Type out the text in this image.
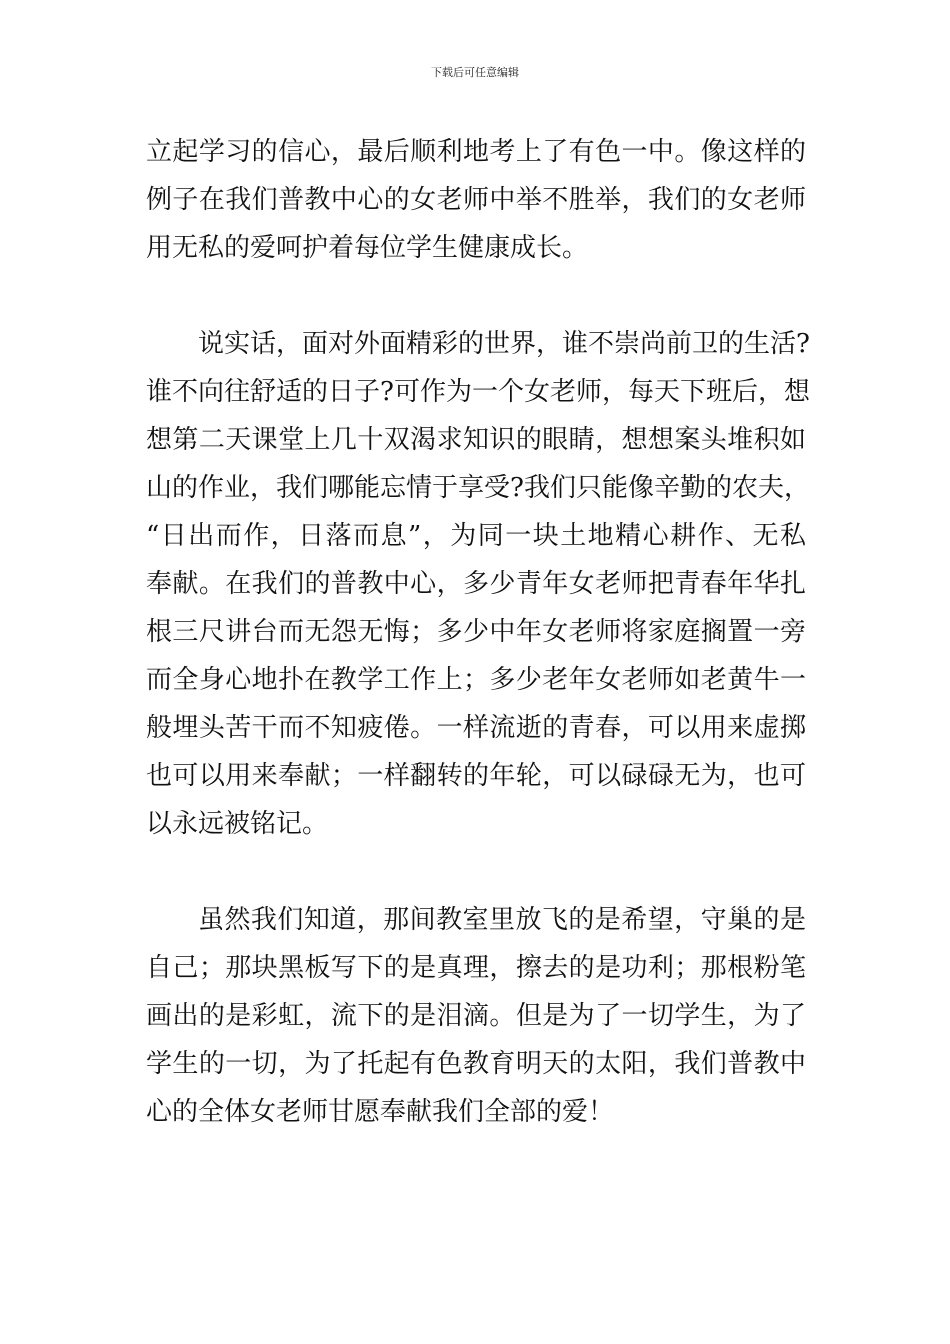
下载后可任意编辑
立起学习的信心，最后顺利地考上了有色一中。像这样的
例子在我们普教中心的女老师中举不胜举，我们的女老师
用无私的爱呵护着每位学生健康成长。
说实话，面对外面精彩的世界，谁不崇尚前卫的生活?
谁不向往舒适的日子?可作为一个女老师，每天下班后，想
想第二天课堂上几十双渴求知识的眼睛，想想案头堆积如
山的作业，我们哪能忘情于享受?我们只能像辛勤的农夫，
“日出而作，日落而息”，为同一块土地精心耕作、无私
奉献。在我们的普教中心，多少青年女老师把青春年华扎
根三尺讲台而无怨无悔；多少中年女老师将家庭搁置一旁
而全身心地扑在教学工作上；多少老年女老师如老黄牛一
般埋头苦干而不知疲倦。一样流逝的青春，可以用来虚掷
也可以用来奉献；一样翻转的年轮，可以碌碌无为，也可
以永远被铭记。
虽然我们知道，那间教室里放飞的是希望，守巢的是
自己；那块黑板写下的是真理，擦去的是功利；那根粉笔
画出的是彩虹，流下的是泪滴。但是为了一切学生，为了
学生的一切，为了托起有色教育明天的太阳，我们普教中
心的全体女老师甘愿奉献我们全部的爱！
